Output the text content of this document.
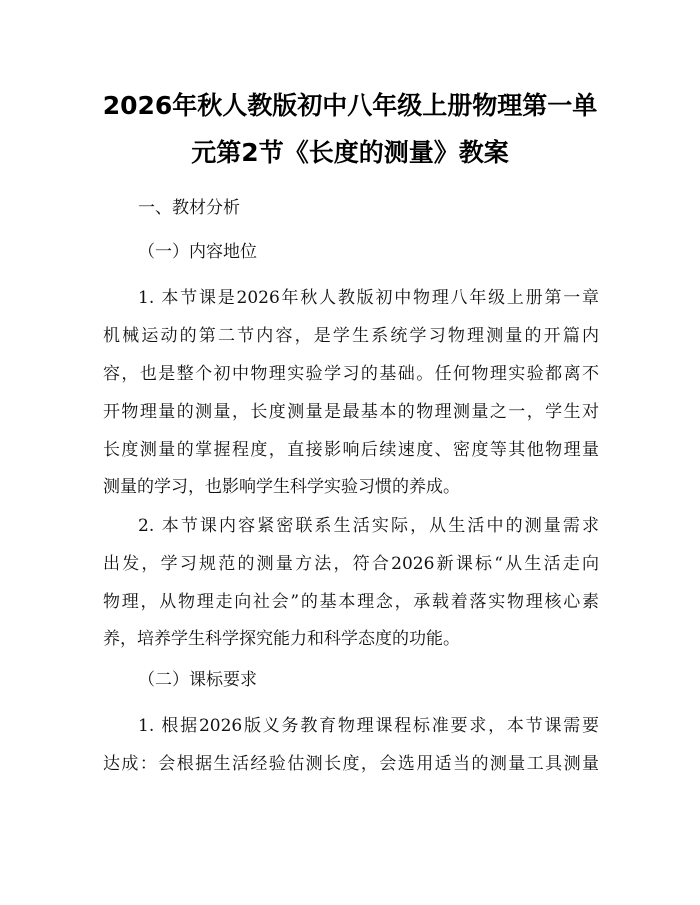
2026年秋人教版初中八年级上册物理第一单
元第2节《长度的测量》教案
一、教材分析
（一）内容地位
1. 本节课是2026年秋人教版初中物理八年级上册第一章
机械运动的第二节内容，是学生系统学习物理测量的开篇内
容，也是整个初中物理实验学习的基础。任何物理实验都离不
开物理量的测量，长度测量是最基本的物理测量之一，学生对
长度测量的掌握程度，直接影响后续速度、密度等其他物理量
测量的学习，也影响学生科学实验习惯的养成。
2. 本节课内容紧密联系生活实际，从生活中的测量需求
出发，学习规范的测量方法，符合2026新课标“从生活走向
物理，从物理走向社会”的基本理念，承载着落实物理核心素
养，培养学生科学探究能力和科学态度的功能。
（二）课标要求
1. 根据2026版义务教育物理课程标准要求，本节课需要
达成：会根据生活经验估测长度，会选用适当的测量工具测量
